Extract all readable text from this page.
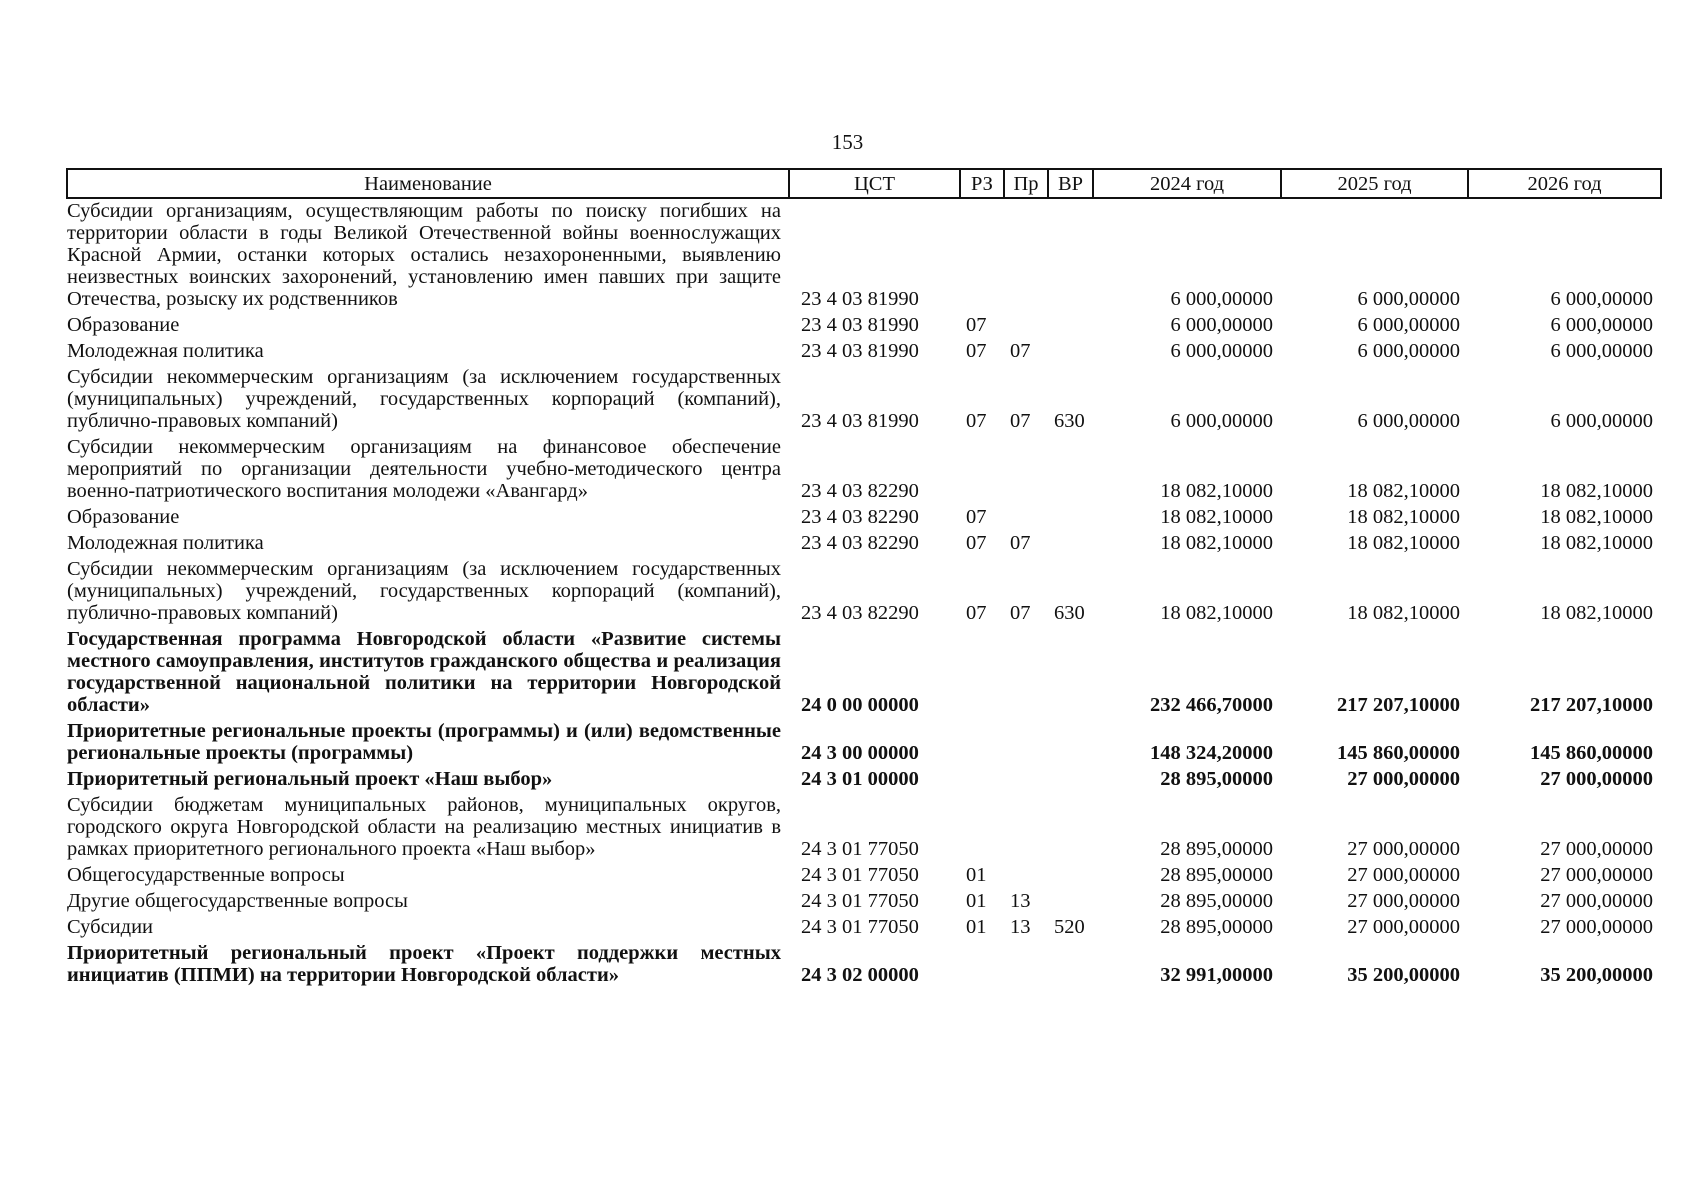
153
Наименование	ЦСТ	РЗ	Пр	ВР	2024 год	2025 год	2026 год
Субсидии организациям, осуществляющим работы по поиску погибших на территории области в годы Великой Отечественной войны военнослужащих Красной Армии, останки которых остались незахороненными, выявлению неизвестных воинских захоронений, установлению имен павших при защите Отечества, розыску их родственников	23 4 03 81990				6 000,00000	6 000,00000	6 000,00000
Образование	23 4 03 81990	07			6 000,00000	6 000,00000	6 000,00000
Молодежная политика	23 4 03 81990	07	07		6 000,00000	6 000,00000	6 000,00000
Субсидии некоммерческим организациям (за исключением государственных (муниципальных) учреждений, государственных корпораций (компаний), публично-правовых компаний)	23 4 03 81990	07	07	630	6 000,00000	6 000,00000	6 000,00000
Субсидии некоммерческим организациям на финансовое обеспечение мероприятий по организации деятельности учебно-методического центра военно-патриотического воспитания молодежи «Авангард»	23 4 03 82290				18 082,10000	18 082,10000	18 082,10000
Образование	23 4 03 82290	07			18 082,10000	18 082,10000	18 082,10000
Молодежная политика	23 4 03 82290	07	07		18 082,10000	18 082,10000	18 082,10000
Субсидии некоммерческим организациям (за исключением государственных (муниципальных) учреждений, государственных корпораций (компаний), публично-правовых компаний)	23 4 03 82290	07	07	630	18 082,10000	18 082,10000	18 082,10000
Государственная программа Новгородской области «Развитие системы местного самоуправления, институтов гражданского общества и реализация государственной национальной политики на территории Новгородской области»	24 0 00 00000				232 466,70000	217 207,10000	217 207,10000
Приоритетные региональные проекты (программы) и (или) ведомственные региональные проекты (программы)	24 3 00 00000				148 324,20000	145 860,00000	145 860,00000
Приоритетный региональный проект «Наш выбор»	24 3 01 00000				28 895,00000	27 000,00000	27 000,00000
Субсидии бюджетам муниципальных районов, муниципальных округов, городского округа Новгородской области на реализацию местных инициатив в рамках приоритетного регионального проекта «Наш выбор»	24 3 01 77050				28 895,00000	27 000,00000	27 000,00000
Общегосударственные вопросы	24 3 01 77050	01			28 895,00000	27 000,00000	27 000,00000
Другие общегосударственные вопросы	24 3 01 77050	01	13		28 895,00000	27 000,00000	27 000,00000
Субсидии	24 3 01 77050	01	13	520	28 895,00000	27 000,00000	27 000,00000
Приоритетный региональный проект «Проект поддержки местных инициатив (ППМИ) на территории Новгородской области»	24 3 02 00000				32 991,00000	35 200,00000	35 200,00000
